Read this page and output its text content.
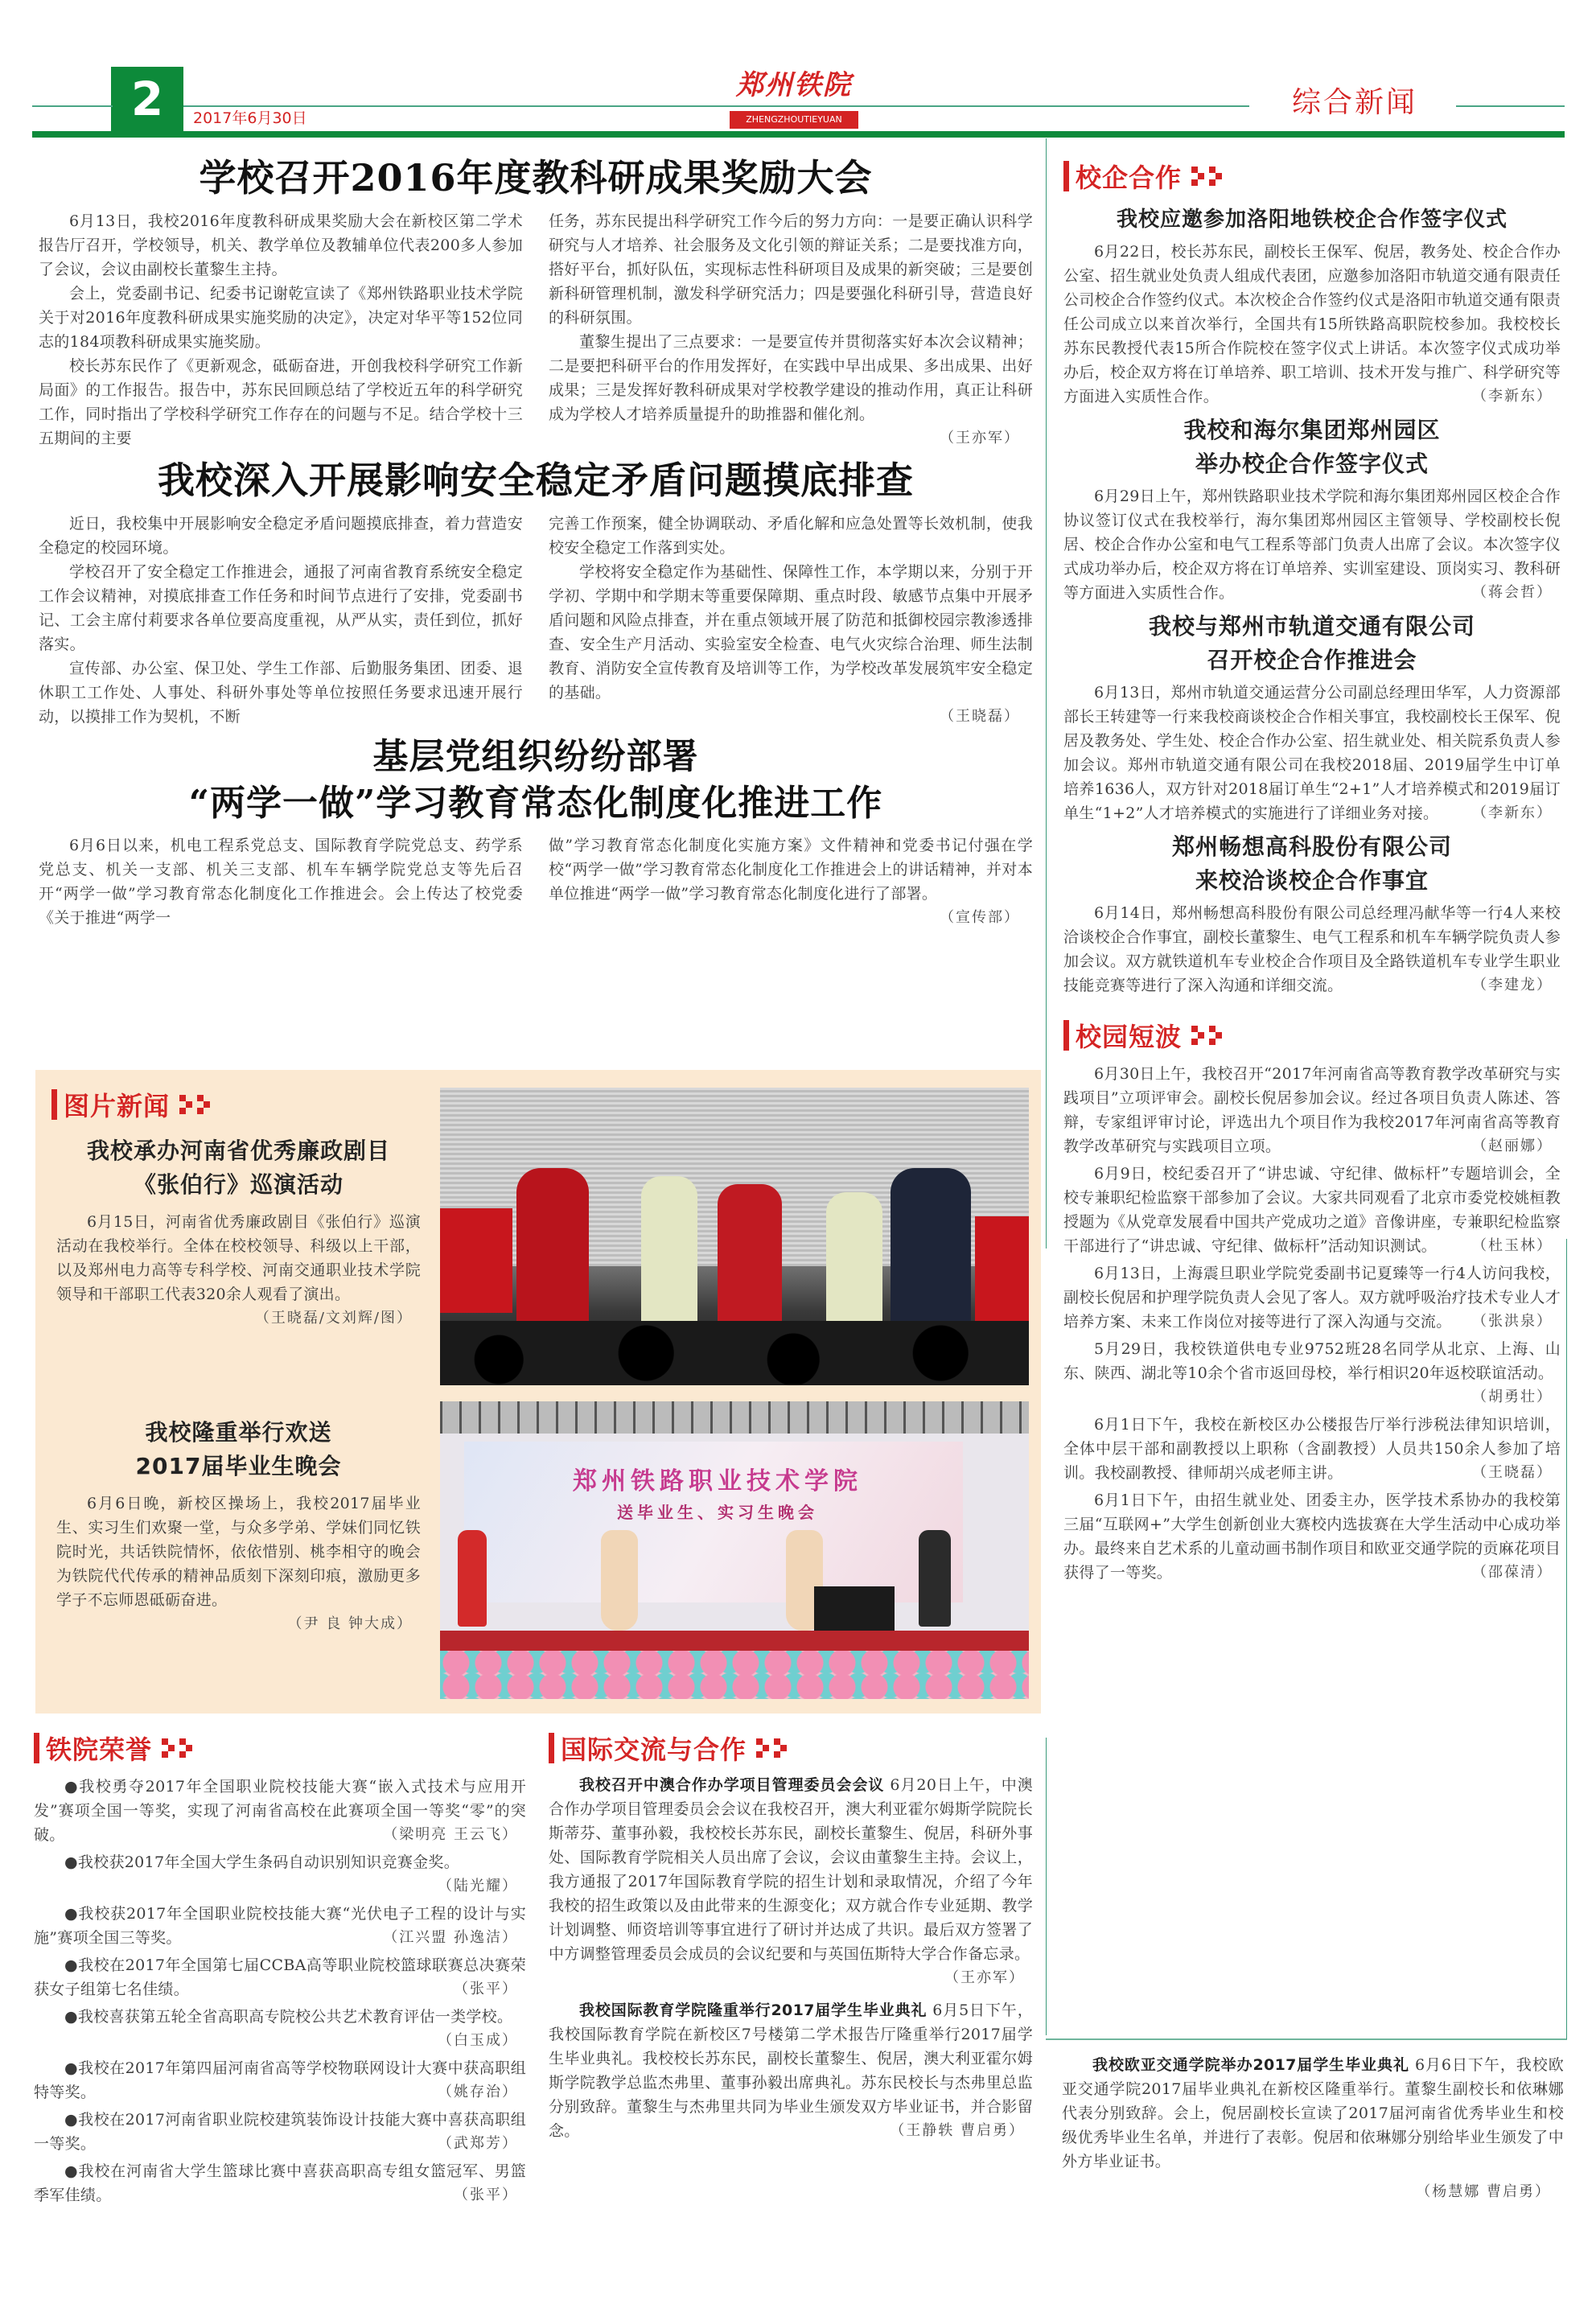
2	2017年6月30日
郑州铁院
ZHENGZHOUTIEYUAN
综合新闻
学校召开2016年度教科研成果奖励大会

6月13日，我校2016年度教科研成果奖励大会在新校区第二学术报告厅召开，学校领导，机关、教学单位及教辅单位代表200多人参加了会议，会议由副校长董黎生主持。

会上，党委副书记、纪委书记谢乾宣读了《郑州铁路职业技术学院关于对2016年度教科研成果实施奖励的决定》，决定对华平等152位同志的184项教科研成果实施奖励。

校长苏东民作了《更新观念，砥砺奋进，开创我校科学研究工作新局面》的工作报告。报告中，苏东民回顾总结了学校近五年的科学研究工作，同时指出了学校科学研究工作存在的问题与不足。结合学校十三五期间的主要

任务，苏东民提出科学研究工作今后的努力方向：一是要正确认识科学研究与人才培养、社会服务及文化引领的辩证关系；二是要找准方向，搭好平台，抓好队伍，实现标志性科研项目及成果的新突破；三是要创新科研管理机制，激发科学研究活力；四是要强化科研引导，营造良好的科研氛围。

董黎生提出了三点要求：一是要宣传并贯彻落实好本次会议精神；二是要把科研平台的作用发挥好，在实践中早出成果、多出成果、出好成果；三是发挥好教科研成果对学校教学建设的推动作用，真正让科研成为学校人才培养质量提升的助推器和催化剂。

（王亦军）
我校深入开展影响安全稳定矛盾问题摸底排查

近日，我校集中开展影响安全稳定矛盾问题摸底排查，着力营造安全稳定的校园环境。

学校召开了安全稳定工作推进会，通报了河南省教育系统安全稳定工作会议精神，对摸底排查工作任务和时间节点进行了安排，党委副书记、工会主席付莉要求各单位要高度重视，从严从实，责任到位，抓好落实。

宣传部、办公室、保卫处、学生工作部、后勤服务集团、团委、退休职工工作处、人事处、科研外事处等单位按照任务要求迅速开展行动，以摸排工作为契机，不断

完善工作预案，健全协调联动、矛盾化解和应急处置等长效机制，使我校安全稳定工作落到实处。

学校将安全稳定作为基础性、保障性工作，本学期以来，分别于开学初、学期中和学期末等重要保障期、重点时段、敏感节点集中开展矛盾问题和风险点排查，并在重点领域开展了防范和抵御校园宗教渗透排查、安全生产月活动、实验室安全检查、电气火灾综合治理、师生法制教育、消防安全宣传教育及培训等工作，为学校改革发展筑牢安全稳定的基础。

（王晓磊）
基层党组织纷纷部署
“两学一做”学习教育常态化制度化推进工作

6月6日以来，机电工程系党总支、国际教育学院党总支、药学系党总支、机关一支部、机关三支部、机车车辆学院党总支等先后召开“两学一做”学习教育常态化制度化工作推进会。会上传达了校党委《关于推进“两学一

做”学习教育常态化制度化实施方案》文件精神和党委书记付强在学校“两学一做”学习教育常态化制度化工作推进会上的讲话精神，并对本单位推进“两学一做”学习教育常态化制度化进行了部署。

（宣传部）
图片新闻
我校承办河南省优秀廉政剧目
《张伯行》巡演活动

6月15日，河南省优秀廉政剧目《张伯行》巡演活动在我校举行。全体在校校领导、科级以上干部，以及郑州电力高等专科学校、河南交通职业技术学院领导和干部职工代表320余人观看了演出。

（王晓磊/文刘辉/图）
我校隆重举行欢送
2017届毕业生晚会

6月6日晚，新校区操场上，我校2017届毕业生、实习生们欢聚一堂，与众多学弟、学妹们同忆铁院时光，共话铁院情怀，依依惜别、桃李相守的晚会为铁院代代传承的精神品质刻下深刻印痕，激励更多学子不忘师恩砥砺奋进。

（尹 良 钟大成）
郑州铁路职业技术学院
送毕业生、实习生晚会
铁院荣誉

●我校勇夺2017年全国职业院校技能大赛“嵌入式技术与应用开发”赛项全国一等奖，实现了河南省高校在此赛项全国一等奖“零”的突破。	（梁明亮 王云飞）

●我校获2017年全国大学生条码自动识别知识竞赛金奖。
（陆光耀）

●我校获2017年全国职业院校技能大赛“光伏电子工程的设计与实施”赛项全国三等奖。	（江兴盟 孙逸洁）

●我校在2017年全国第七届CCBA高等职业院校篮球联赛总决赛荣获女子组第七名佳绩。	（张平）

●我校喜获第五轮全省高职高专院校公共艺术教育评估一类学校。
（白玉成）

●我校在2017年第四届河南省高等学校物联网设计大赛中获高职组特等奖。	（姚存治）

●我校在2017河南省职业院校建筑装饰设计技能大赛中喜获高职组一等奖。	（武郑芳）

●我校在河南省大学生篮球比赛中喜获高职高专组女篮冠军、男篮季军佳绩。	（张平）

国际交流与合作

我校召开中澳合作办学项目管理委员会会议 6月20日上午，中澳合作办学项目管理委员会会议在我校召开，澳大利亚霍尔姆斯学院院长斯蒂芬、董事孙毅，我校校长苏东民，副校长董黎生、倪居，科研外事处、国际教育学院相关人员出席了会议，会议由董黎生主持。会议上，我方通报了2017年国际教育学院的招生计划和录取情况，介绍了今年我校的招生政策以及由此带来的生源变化；双方就合作专业延期、教学计划调整、师资培训等事宜进行了研讨并达成了共识。最后双方签署了中方调整管理委员会成员的会议纪要和与英国伍斯特大学合作备忘录。
（王亦军）

我校国际教育学院隆重举行2017届学生毕业典礼 6月5日下午，我校国际教育学院在新校区7号楼第二学术报告厅隆重举行2017届学生毕业典礼。我校校长苏东民，副校长董黎生、倪居，澳大利亚霍尔姆斯学院教学总监杰弗里、董事孙毅出席典礼。苏东民校长与杰弗里总监分别致辞。董黎生与杰弗里共同为毕业生颁发双方毕业证书，并合影留念。	（王静轶 曹启勇）

校企合作
我校应邀参加洛阳地铁校企合作签字仪式

6月22日，校长苏东民，副校长王保军、倪居，教务处、校企合作办公室、招生就业处负责人组成代表团，应邀参加洛阳市轨道交通有限责任公司校企合作签约仪式。本次校企合作签约仪式是洛阳市轨道交通有限责任公司成立以来首次举行，全国共有15所铁路高职院校参加。我校校长苏东民教授代表15所合作院校在签字仪式上讲话。本次签字仪式成功举办后，校企双方将在订单培养、职工培训、技术开发与推广、科学研究等方面进入实质性合作。	（李新东）

我校和海尔集团郑州园区
举办校企合作签字仪式

6月29日上午，郑州铁路职业技术学院和海尔集团郑州园区校企合作协议签订仪式在我校举行，海尔集团郑州园区主管领导、学校副校长倪居、校企合作办公室和电气工程系等部门负责人出席了会议。本次签字仪式成功举办后，校企双方将在订单培养、实训室建设、顶岗实习、教科研等方面进入实质性合作。	（蒋会哲）

我校与郑州市轨道交通有限公司
召开校企合作推进会

6月13日，郑州市轨道交通运营分公司副总经理田华军，人力资源部部长王转建等一行来我校商谈校企合作相关事宜，我校副校长王保军、倪居及教务处、学生处、校企合作办公室、招生就业处、相关院系负责人参加会议。郑州市轨道交通有限公司在我校2018届、2019届学生中订单培养1636人，双方针对2018届订单生“2+1”人才培养模式和2019届订单生“1+2”人才培养模式的实施进行了详细业务对接。	（李新东）

郑州畅想高科股份有限公司
来校洽谈校企合作事宜

6月14日，郑州畅想高科股份有限公司总经理冯献华等一行4人来校洽谈校企合作事宜，副校长董黎生、电气工程系和机车车辆学院负责人参加会议。双方就铁道机车专业校企合作项目及全路铁道机车专业学生职业技能竞赛等进行了深入沟通和详细交流。	（李建龙）

校园短波

6月30日上午，我校召开“2017年河南省高等教育教学改革研究与实践项目”立项评审会。副校长倪居参加会议。经过各项目负责人陈述、答辩，专家组评审讨论，评选出九个项目作为我校2017年河南省高等教育教学改革研究与实践项目立项。	（赵丽娜）

6月9日，校纪委召开了“讲忠诚、守纪律、做标杆”专题培训会，全校专兼职纪检监察干部参加了会议。大家共同观看了北京市委党校姚桓教授题为《从党章发展看中国共产党成功之道》音像讲座，专兼职纪检监察干部进行了“讲忠诚、守纪律、做标杆”活动知识测试。	（杜玉林）

6月13日，上海震旦职业学院党委副书记夏臻等一行4人访问我校，副校长倪居和护理学院负责人会见了客人。双方就呼吸治疗技术专业人才培养方案、未来工作岗位对接等进行了深入沟通与交流。	（张洪泉）

5月29日，我校铁道供电专业9752班28名同学从北京、上海、山东、陕西、湖北等10余个省市返回母校，举行相识20年返校联谊活动。
（胡勇壮）

6月1日下午，我校在新校区办公楼报告厅举行涉税法律知识培训，全体中层干部和副教授以上职称（含副教授）人员共150余人参加了培训。我校副教授、律师胡兴成老师主讲。	（王晓磊）

6月1日下午，由招生就业处、团委主办，医学技术系协办的我校第三届“互联网+”大学生创新创业大赛校内选拔赛在大学生活动中心成功举办。最终来自艺术系的儿童动画书制作项目和欧亚交通学院的贡麻花项目获得了一等奖。	（邵葆清）

我校欧亚交通学院举办2017届学生毕业典礼 6月6日下午，我校欧亚交通学院2017届毕业典礼在新校区隆重举行。董黎生副校长和依琳娜代表分别致辞。会上，倪居副校长宣读了2017届河南省优秀毕业生和校级优秀毕业生名单，并进行了表彰。倪居和依琳娜分别给毕业生颁发了中外方毕业证书。

（杨慧娜 曹启勇）
